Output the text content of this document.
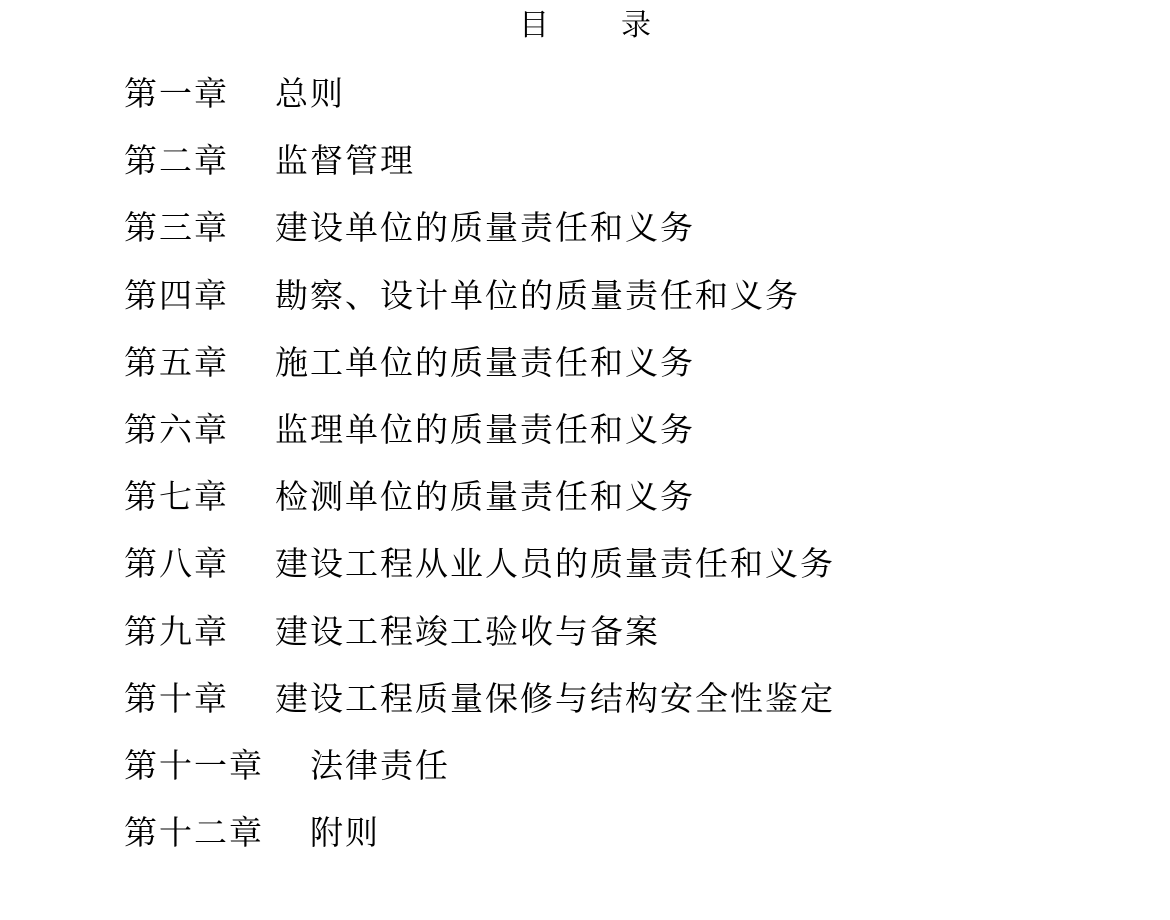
目 录
第一章 总则
第二章 监督管理
第三章 建设单位的质量责任和义务
第四章 勘察、设计单位的质量责任和义务
第五章 施工单位的质量责任和义务
第六章 监理单位的质量责任和义务
第七章 检测单位的质量责任和义务
第八章 建设工程从业人员的质量责任和义务
第九章 建设工程竣工验收与备案
第十章 建设工程质量保修与结构安全性鉴定
第十一章 法律责任
第十二章 附则
